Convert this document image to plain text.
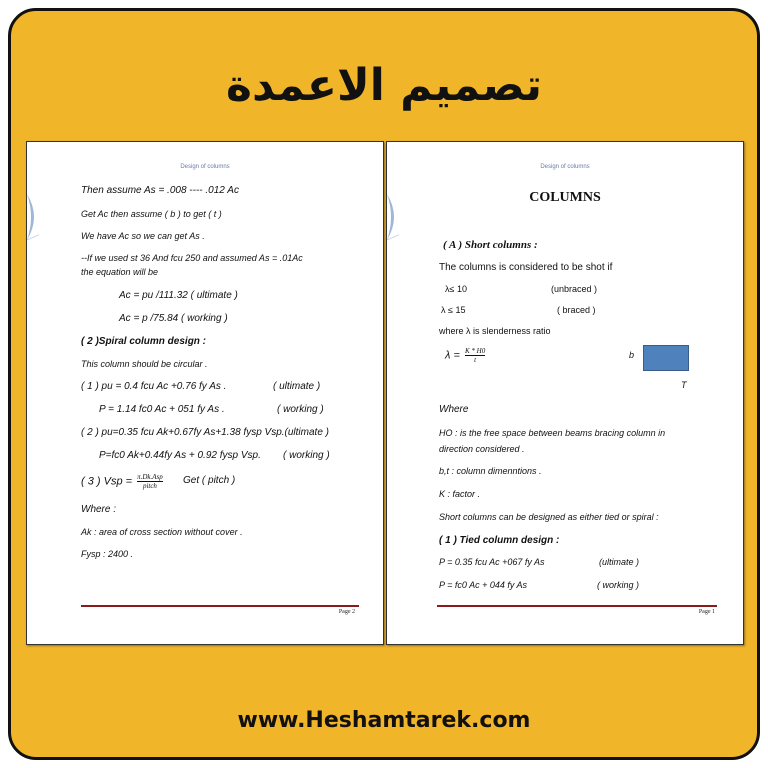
تصميم الاعمدة
Design of columns
Then assume As = .008 ---- .012 Ac
Get Ac then assume ( b ) to get ( t )
We have Ac so we can get As .
--If we used st 36 And fcu 250 and assumed As = .01Ac
the equation will be
Ac = pu /111.32 ( ultimate )
Ac = p /75.84 ( working )
( 2 )Spiral column design :
This column should be circular .
( 1 ) pu = 0.4 fcu Ac +0.76 fy As .	( ultimate )
P = 1.14 fc0 Ac + 051 fy As .	( working )
( 2 ) pu=0.35 fcu Ak+0.67fy As+1.38 fysp Vsp.(ultimate )
P=fc0 Ak+0.44fy As + 0.92 fysp Vsp. ( working )
( 3 ) Vsp = $\frac{\text{π.Dk.Asp}}{\text{pitch}}$ Get ( pitch )
Where :
Ak : area of cross section without cover .
Fysp : 2400 .
Page 2
Design of columns
COLUMNS
( A ) Short columns :
The columns is considered to be shot if
λ≤ 10	(unbraced )
λ ≤ 15	( braced )
where λ is slenderness ratio
$\lambda = \frac{K * H0}{t}$	b
T
Where
HO : is the free space between beams bracing column in
direction considered .
b,t : column dimenntions .
K : factor .
Short columns can be designed as either tied or spiral :
( 1 ) Tied column design :
P = 0.35 fcu Ac +067 fy As	(ultimate )
P = fc0 Ac + 044 fy As	( working )
Page 1
www.Heshamtarek.com
